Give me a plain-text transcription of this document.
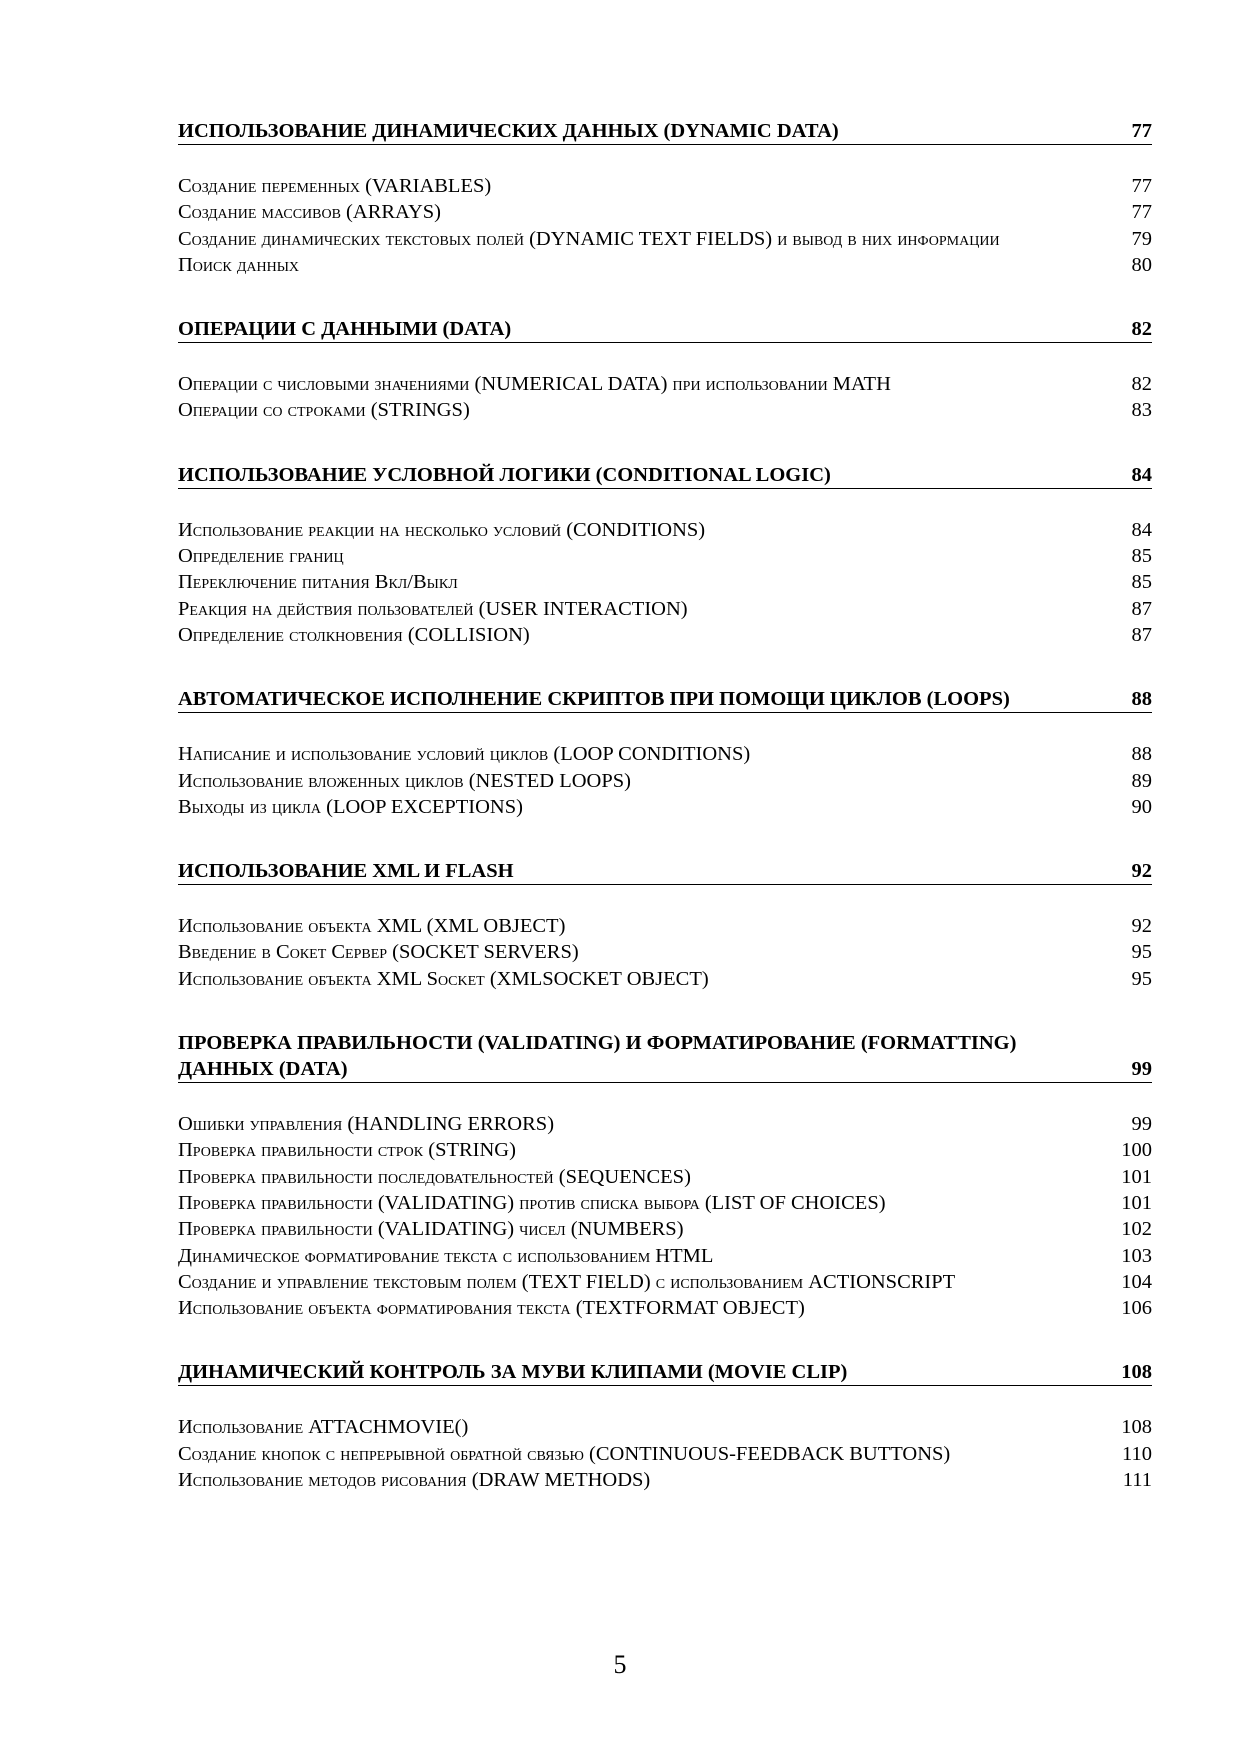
ИСПОЛЬЗОВАНИЕ ДИНАМИЧЕСКИХ ДАННЫХ (DYNAMIC DATA)	77
Создание переменных (VARIABLES)	77
Создание массивов (ARRAYS)	77
Создание динамических текстовых полей (DYNAMIC TEXT FIELDS) и вывод в них информации	79
Поиск данных	80
ОПЕРАЦИИ С ДАННЫМИ (DATA)	82
Операции с числовыми значениями (NUMERICAL DATA) при использовании MATH	82
Операции со строками (STRINGS)	83
ИСПОЛЬЗОВАНИЕ УСЛОВНОЙ ЛОГИКИ (CONDITIONAL LOGIC)	84
Использование реакции на несколько условий (CONDITIONS)	84
Определение границ	85
Переключение питания Вкл/Выкл	85
Реакция на действия пользователей (USER INTERACTION)	87
Определение столкновения (COLLISION)	87
АВТОМАТИЧЕСКОЕ ИСПОЛНЕНИЕ СКРИПТОВ ПРИ ПОМОЩИ ЦИКЛОВ (LOOPS)	88
Написание и использование условий циклов (LOOP CONDITIONS)	88
Использование вложенных циклов (NESTED LOOPS)	89
Выходы из цикла (LOOP EXCEPTIONS)	90
ИСПОЛЬЗОВАНИЕ XML И FLASH	92
Использование объекта XML (XML OBJECT)	92
Введение в Сокет Сервер (SOCKET SERVERS)	95
Использование объекта XML Socket (XMLSOCKET OBJECT)	95
ПРОВЕРКА ПРАВИЛЬНОСТИ (VALIDATING) И ФОРМАТИРОВАНИЕ (FORMATTING) ДАННЫХ (DATA)	99
Ошибки управления (HANDLING ERRORS)	99
Проверка правильности строк (STRING)	100
Проверка правильности последовательностей (SEQUENCES)	101
Проверка правильности (VALIDATING) против списка выбора (LIST OF CHOICES)	101
Проверка правильности (VALIDATING) чисел (NUMBERS)	102
Динамическое форматирование текста с использованием HTML	103
Создание и управление текстовым полем (TEXT FIELD) с использованием ACTIONSCRIPT	104
Использование объекта форматирования текста (TEXTFORMAT OBJECT)	106
ДИНАМИЧЕСКИЙ КОНТРОЛЬ ЗА МУВИ КЛИПАМИ (MOVIE CLIP)	108
Использование ATTACHMOVIE()	108
Создание кнопок с непрерывной обратной связью (CONTINUOUS-FEEDBACK BUTTONS)	110
Использование методов рисования (DRAW METHODS)	111
5
